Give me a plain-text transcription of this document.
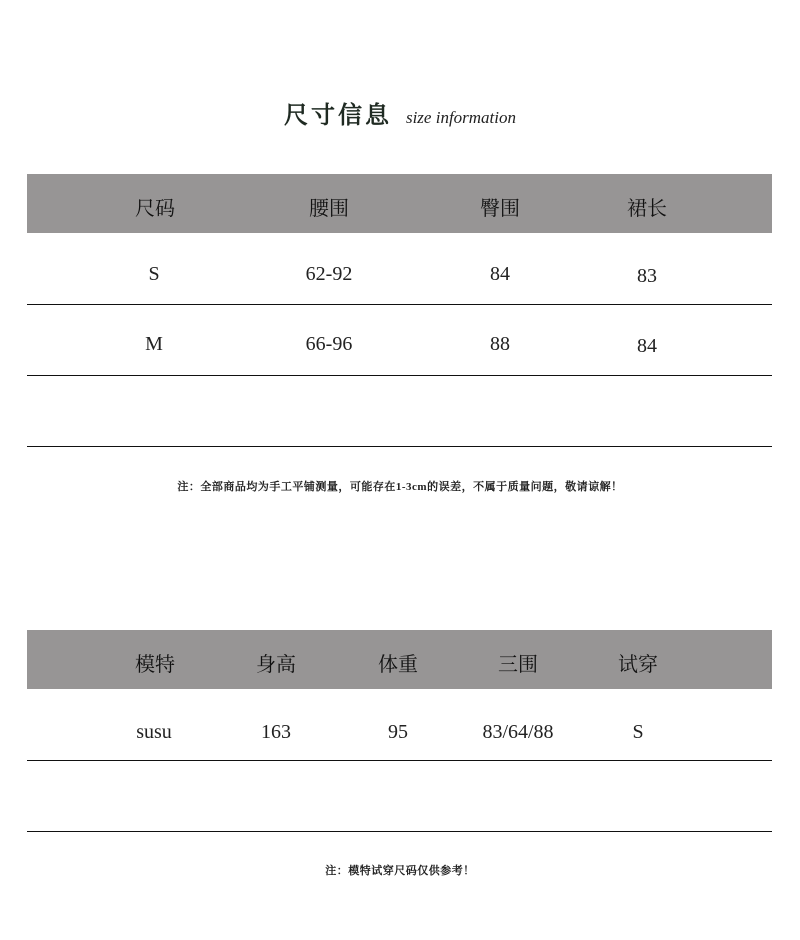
尺寸信息 size information
尺码	腰围	臀围	裙长
S	62-92	84	83
M	66-96	88	84
注：全部商品均为手工平铺测量，可能存在1-3cm的误差，不属于质量问题，敬请谅解！
模特	身高	体重	三围	试穿
susu	163	95	83/64/88	S
注：模特试穿尺码仅供参考！
